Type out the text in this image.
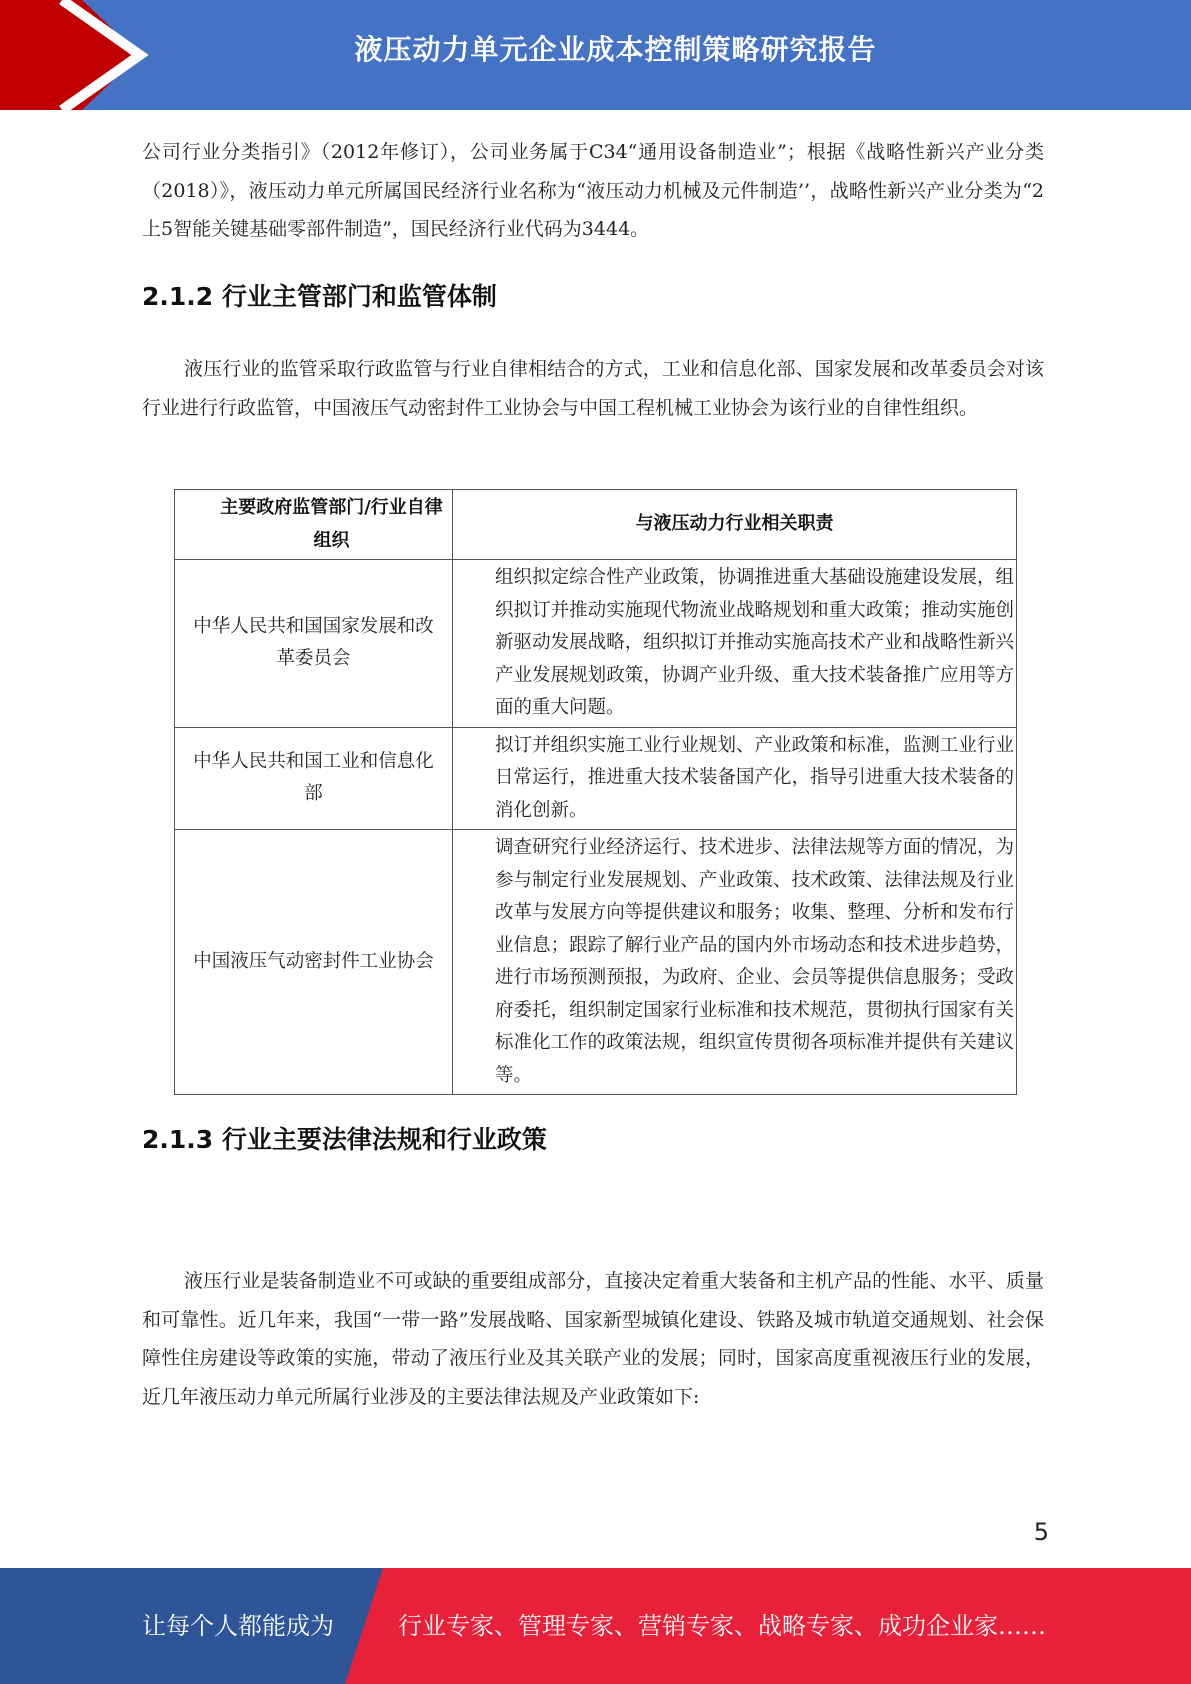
液压动力单元企业成本控制策略研究报告

公司行业分类指引》（2012年修订），公司业务属于C34“通用设备制造业”；根据《战略性新兴产业分类（2018）》，液压动力单元所属国民经济行业名称为“液压动力机械及元件制造’’，战略性新兴产业分类为“2上5智能关键基础零部件制造”，国民经济行业代码为3444。

2.1.2 行业主管部门和监管体制

液压行业的监管采取行政监管与行业自律相结合的方式，工业和信息化部、国家发展和改革委员会对该行业进行行政监管，中国液压气动密封件工业协会与中国工程机械工业协会为该行业的自律性组织。

主要政府监管部门/行业自律组织	与液压动力行业相关职责
中华人民共和国国家发展和改革委员会	组织拟定综合性产业政策，协调推进重大基础设施建设发展，组织拟订并推动实施现代物流业战略规划和重大政策；推动实施创新驱动发展战略，组织拟订并推动实施高技术产业和战略性新兴产业发展规划政策，协调产业升级、重大技术装备推广应用等方面的重大问题。
中华人民共和国工业和信息化部	拟订并组织实施工业行业规划、产业政策和标准，监测工业行业日常运行，推进重大技术装备国产化，指导引进重大技术装备的消化创新。
中国液压气动密封件工业协会	调查研究行业经济运行、技术进步、法律法规等方面的情况，为参与制定行业发展规划、产业政策、技术政策、法律法规及行业改革与发展方向等提供建议和服务；收集、整理、分析和发布行业信息；跟踪了解行业产品的国内外市场动态和技术进步趋势，进行市场预测预报，为政府、企业、会员等提供信息服务；受政府委托，组织制定国家行业标准和技术规范，贯彻执行国家有关标准化工作的政策法规，组织宣传贯彻各项标准并提供有关建议等。
2.1.3 行业主要法律法规和行业政策

液压行业是装备制造业不可或缺的重要组成部分，直接决定着重大装备和主机产品的性能、水平、质量和可靠性。近几年来，我国“一带一路”发展战略、国家新型城镇化建设、铁路及城市轨道交通规划、社会保障性住房建设等政策的实施，带动了液压行业及其关联产业的发展；同时，国家高度重视液压行业的发展，近几年液压动力单元所属行业涉及的主要法律法规及产业政策如下:

5
让每个人都能成为	行业专家、管理专家、营销专家、战略专家、成功企业家……
